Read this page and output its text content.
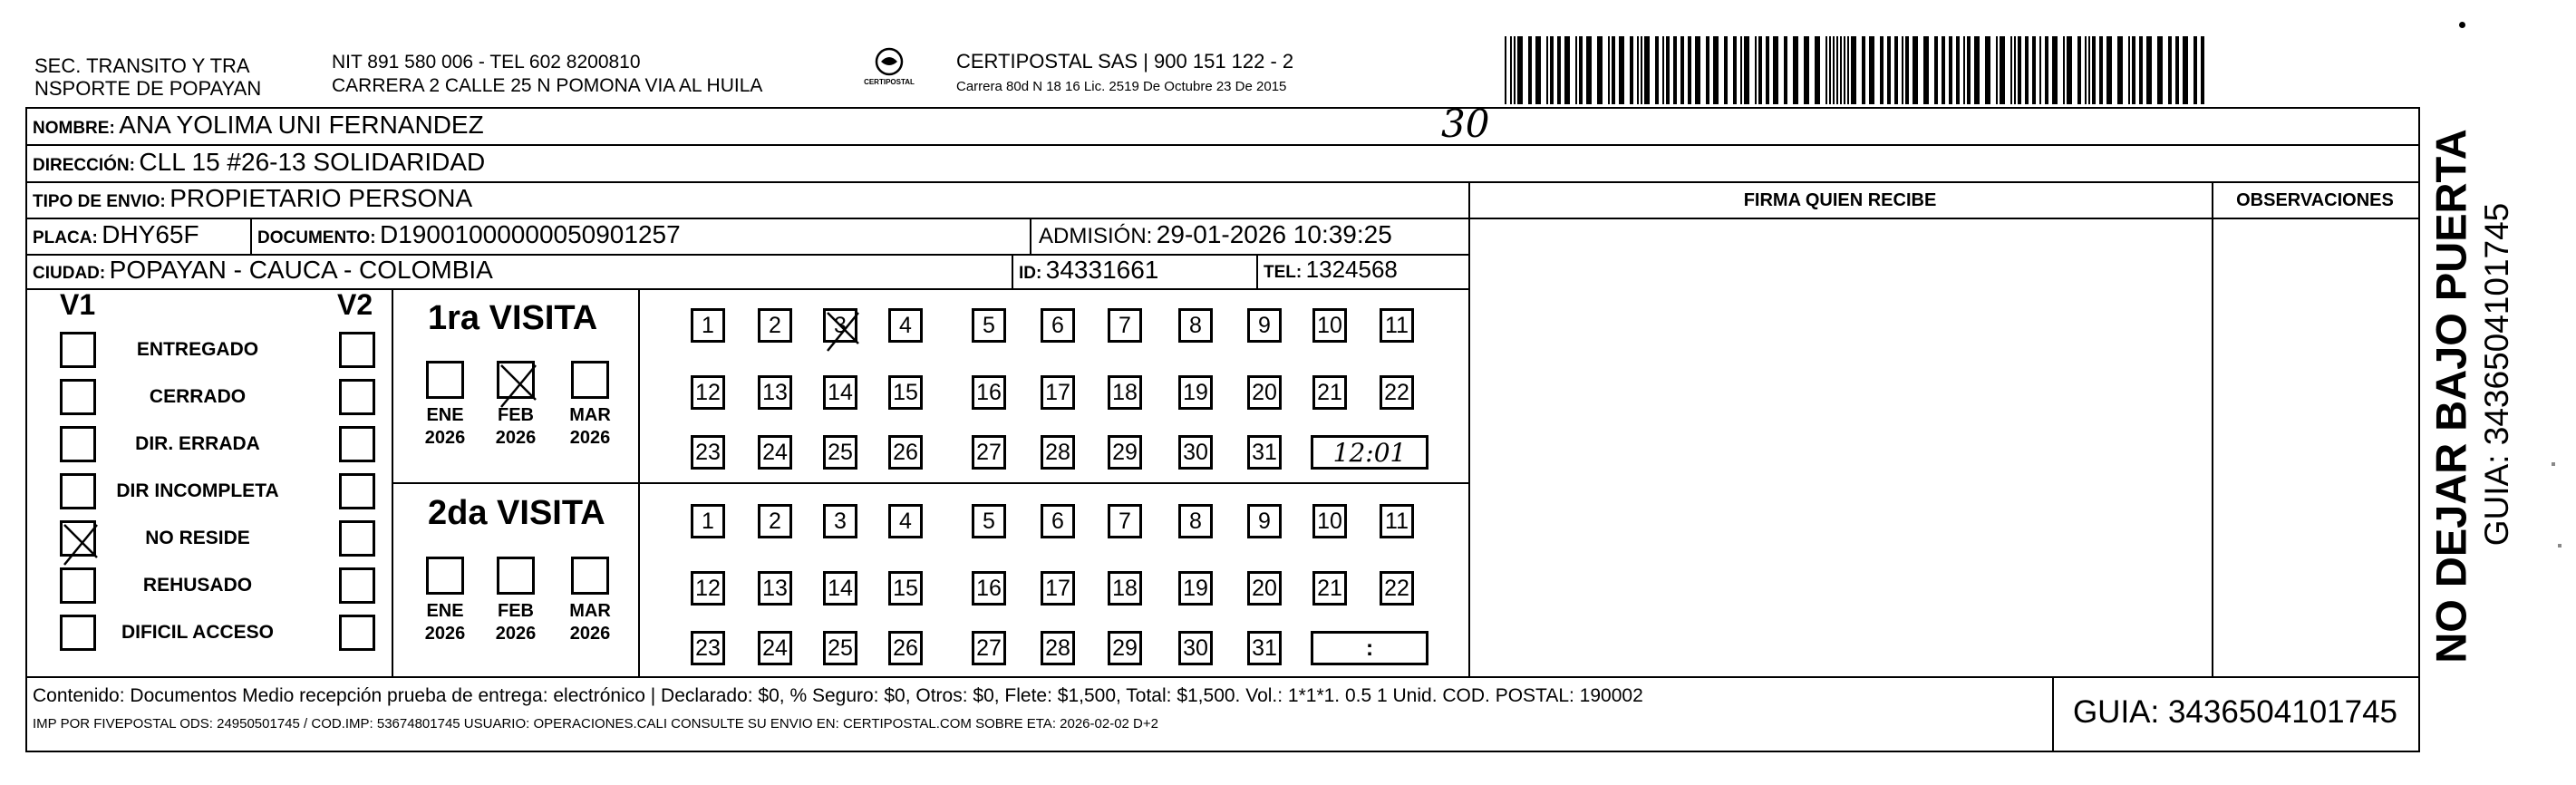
SEC. TRANSITO Y TRA
NSPORTE DE POPAYAN
NIT 891 580 006 - TEL 602 8200810
CARRERA 2 CALLE 25 N POMONA VIA AL HUILA	CERTIPOSTAL
CERTIPOSTAL SAS | 900 151 122 - 2
Carrera 80d N 18 16 Lic. 2519 De Octubre 23 De 2015
NOMBRE: ANA YOLIMA UNI FERNANDEZ	30
DIRECCIÓN: CLL 15 #26-13 SOLIDARIDAD
TIPO DE ENVIO: PROPIETARIO PERSONA	FIRMA QUIEN RECIBE	OBSERVACIONES
PLACA: DHY65F	DOCUMENTO: D19001000000050901257	ADMISIÓN: 29-01-2026 10:39:25
CIUDAD: POPAYAN - CAUCA - COLOMBIA	ID: 34331661	TEL: 1324568
V1	V2
ENTREGADO
CERRADO
DIR. ERRADA
DIR INCOMPLETA
NO RESIDE
REHUSADO
DIFICIL ACCESO
1ra VISITA
ENE
2026
FEB
2026
MAR
2026
1 2 3 4	5 6 7	8 9 10 11
12 13 14 15	16 17 18 19 20 21 22
23 24 25 26	27 28 29 30 31 12:01
2da VISITA
ENE
2026
FEB
2026
MAR
2026
1 2 3 4	5 6 7	8 9 10 11
12 13 14 15	16 17 18 19 20 21 22
23 24 25 26	27 28 29 30 31	:
Contenido: Documentos Medio recepción prueba de entrega: electrónico | Declarado: $0, % Seguro: $0, Otros: $0, Flete: $1,500, Total: $1,500. Vol.: 1*1*1. 0.5 1 Unid. COD. POSTAL: 190002
IMP POR FIVEPOSTAL ODS: 24950501745 / COD.IMP: 53674801745 USUARIO: OPERACIONES.CALI CONSULTE SU ENVIO EN: CERTIPOSTAL.COM SOBRE ETA: 2026-02-02 D+2	GUIA: 3436504101745
NO DEJAR BAJO PUERTA GUIA: 3436504101745
